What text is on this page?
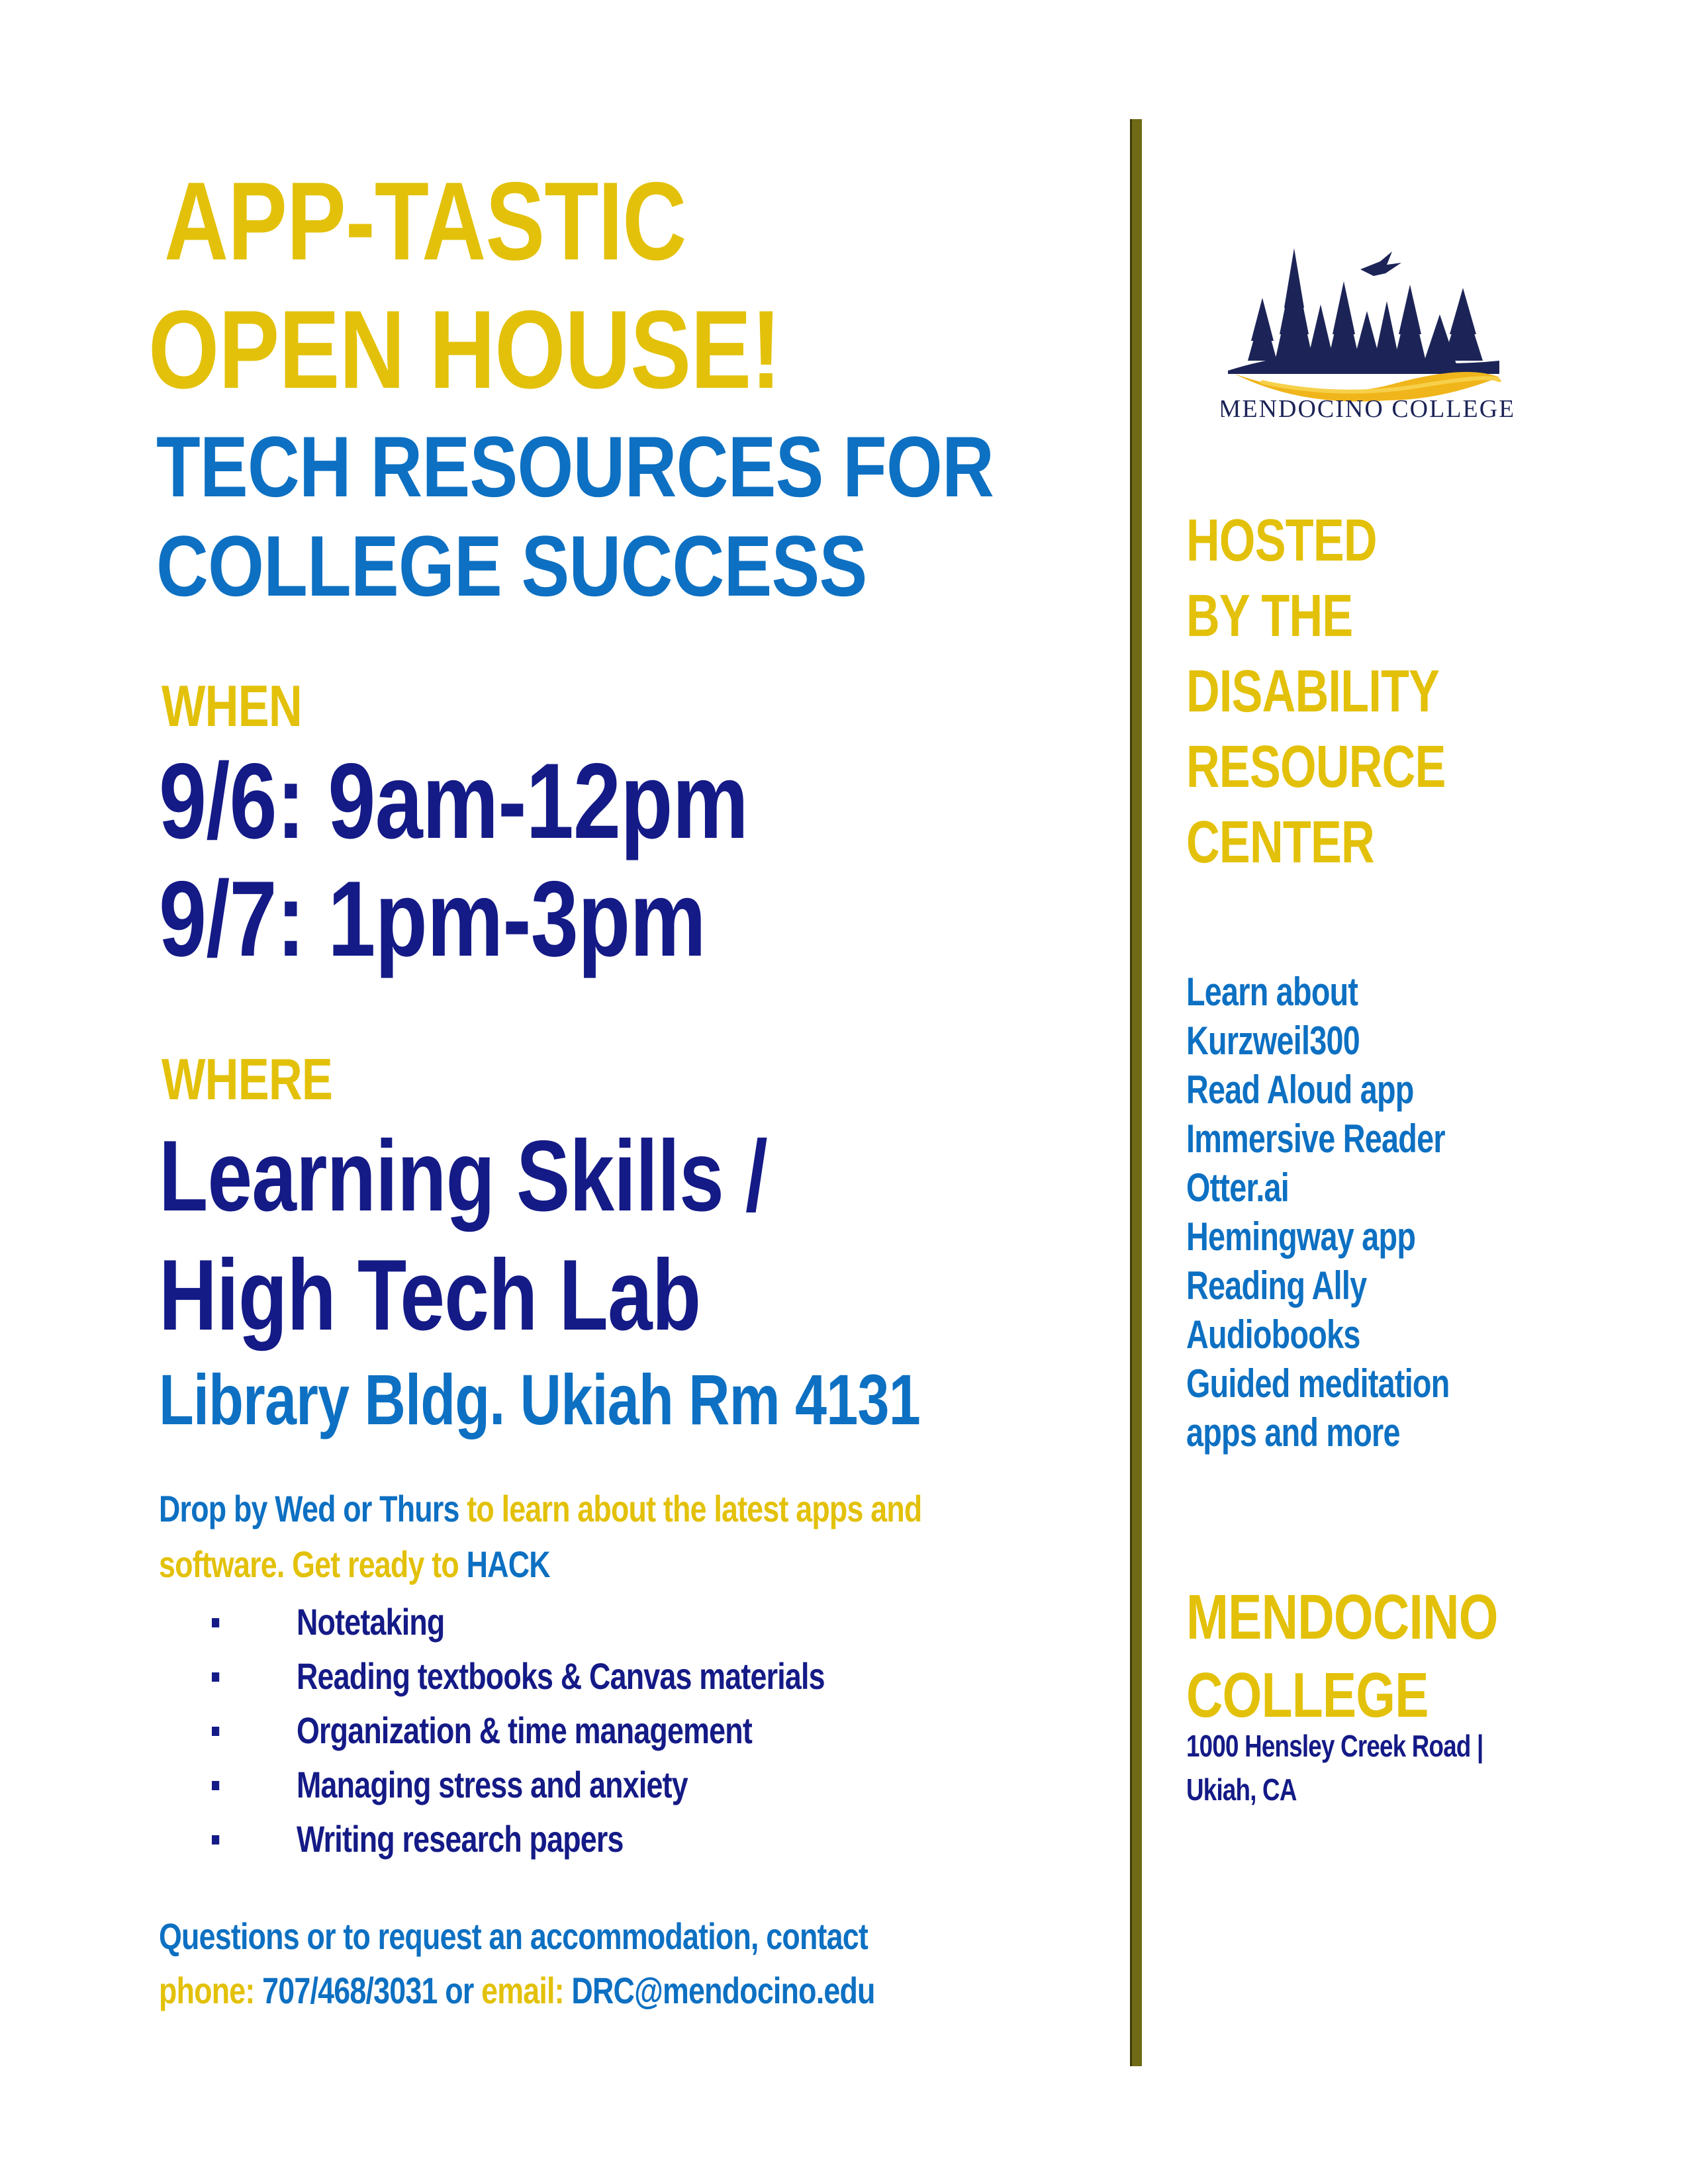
APP-TASTIC
OPEN HOUSE!
TECH RESOURCES FOR
COLLEGE SUCCESS
WHEN
9/6: 9am-12pm
9/7: 1pm-3pm
WHERE
Learning Skills /
High Tech Lab
Library Bldg. Ukiah Rm 4131
Drop by Wed or Thurs to learn about the latest apps and software. Get ready to HACK
Notetaking
Reading textbooks & Canvas materials
Organization & time management
Managing stress and anxiety
Writing research papers
Questions or to request an accommodation, contact
phone: 707/468/3031 or email: DRC@mendocino.edu
MENDOCINO COLLEGE
HOSTED
BY THE
DISABILITY
RESOURCE
CENTER
Learn about
Kurzweil300
Read Aloud app
Immersive Reader
Otter.ai
Hemingway app
Reading Ally
Audiobooks
Guided meditation
apps and more
MENDOCINO
COLLEGE
1000 Hensley Creek Road |
Ukiah, CA
